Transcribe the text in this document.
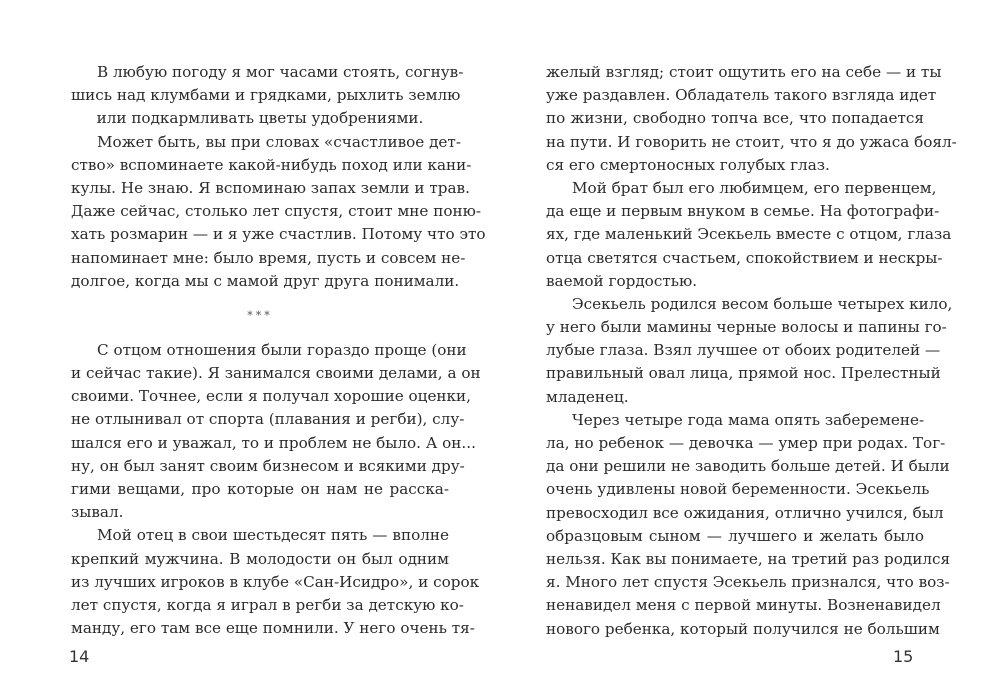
В любую погоду я мог часами стоять, согнув-
шись над клумбами и грядками, рыхлить землю
или подкармливать цветы удобрениями.
Может быть, вы при словах «счастливое дет-
ство» вспоминаете какой-нибудь поход или кани-
кулы. Не знаю. Я вспоминаю запах земли и трав.
Даже сейчас, столько лет спустя, стоит мне поню-
хать розмарин — и я уже счастлив. Потому что это
напоминает мне: было время, пусть и совсем не-
долгое, когда мы с мамой друг друга понимали.
***
С отцом отношения были гораздо проще (они
и сейчас такие). Я занимался своими делами, а он
своими. Точнее, если я получал хорошие оценки,
не отлынивал от спорта (плавания и регби), слу-
шался его и уважал, то и проблем не было. А он...
ну, он был занят своим бизнесом и всякими дру-
гими вещами, про которые он нам не расска-
зывал.
Мой отец в свои шестьдесят пять — вполне
крепкий мужчина. В молодости он был одним
из лучших игроков в клубе «Сан-Исидро», и сорок
лет спустя, когда я играл в регби за детскую ко-
манду, его там все еще помнили. У него очень тя-
14
желый взгляд; стоит ощутить его на себе — и ты
уже раздавлен. Обладатель такого взгляда идет
по жизни, свободно топча все, что попадается
на пути. И говорить не стоит, что я до ужаса боял-
ся его смертоносных голубых глаз.
Мой брат был его любимцем, его первенцем,
да еще и первым внуком в семье. На фотографи-
ях, где маленький Эсекьель вместе с отцом, глаза
отца светятся счастьем, спокойствием и нескры-
ваемой гордостью.
Эсекьель родился весом больше четырех кило,
у него были мамины черные волосы и папины го-
лубые глаза. Взял лучшее от обоих родителей —
правильный овал лица, прямой нос. Прелестный
младенец.
Через четыре года мама опять забеременe-
ла, но ребенок — девочка — умер при родах. Тог-
да они решили не заводить больше детей. И были
очень удивлены новой беременности. Эсекьель
превосходил все ожидания, отлично учился, был
образцовым сыном — лучшего и желать было
нельзя. Как вы понимаете, на третий раз родился
я. Много лет спустя Эсекьель признался, что воз-
ненавидел меня с первой минуты. Возненавидел
нового ребенка, который получился не большим
15
